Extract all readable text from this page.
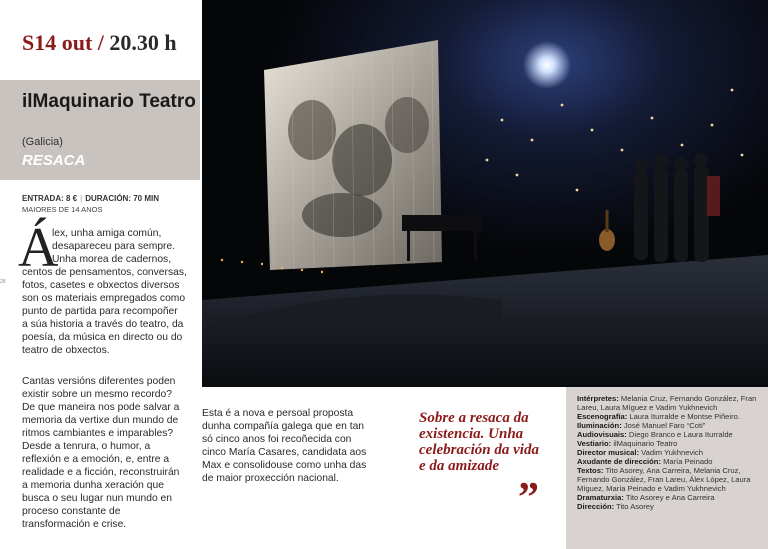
S14 out / 20.30 h
ilMaquinario Teatro
(Galicia)
RESACA
ENTRADA: 8 € | DURACIÓN: 70 MIN
MAIORES DE 14 ANOS
28
Á
lex, unha amiga común,
desapareceu para sempre.
Unha morea de cadernos,
centos de pensamentos, conversas,
fotos, casetes e obxectos diversos
son os materiais empregados como
punto de partida para recompoñer
a súa historia a través do teatro, da
poesía, da música en directo ou do
teatro de obxectos.
Cantas versións diferentes poden
existir sobre un mesmo recordo?
De que maneira nos pode salvar a
memoria da vertixe dun mundo de
ritmos cambiantes e imparables?
Desde a tenrura, o humor, a
reflexión e a emoción, e, entre a
realidade e a ficción, reconstruirán
a memoria dunha xeración que
busca o seu lugar nun mundo en
proceso constante de
transformación e crise.
Esta é a nova e persoal proposta
dunha compañía galega que en tan
só cinco anos foi recoñecida con
cinco María Casares, candidata aos
Max e consolidouse como unha das
de maior proxección nacional.
Sobre a resaca da
existencia. Unha
celebración da vida
e da amizade
”

Intérpretes: Melania Cruz, Fernando González, Fran Lareu, Laura Míguez e Vadim Yukhnevich

Escenografía: Laura Iturralde e Montse Piñeiro.

Iluminación: José Manuel Faro “Coti”

Audiovisuais: Diego Branco e Laura Iturralde

Vestiario: ilMaquinario Teatro

Director musical: Vadim Yukhnevich

Axudante de dirección: María Peinado

Textos: Tito Asorey, Ana Carreira, Melania Cruz, Fernando González, Fran Lareu, Álex López, Laura Míguez, María Peinado e Vadim Yukhnevich

Dramaturxia: Tito Asorey e Ana Carreira

Dirección: Tito Asorey
